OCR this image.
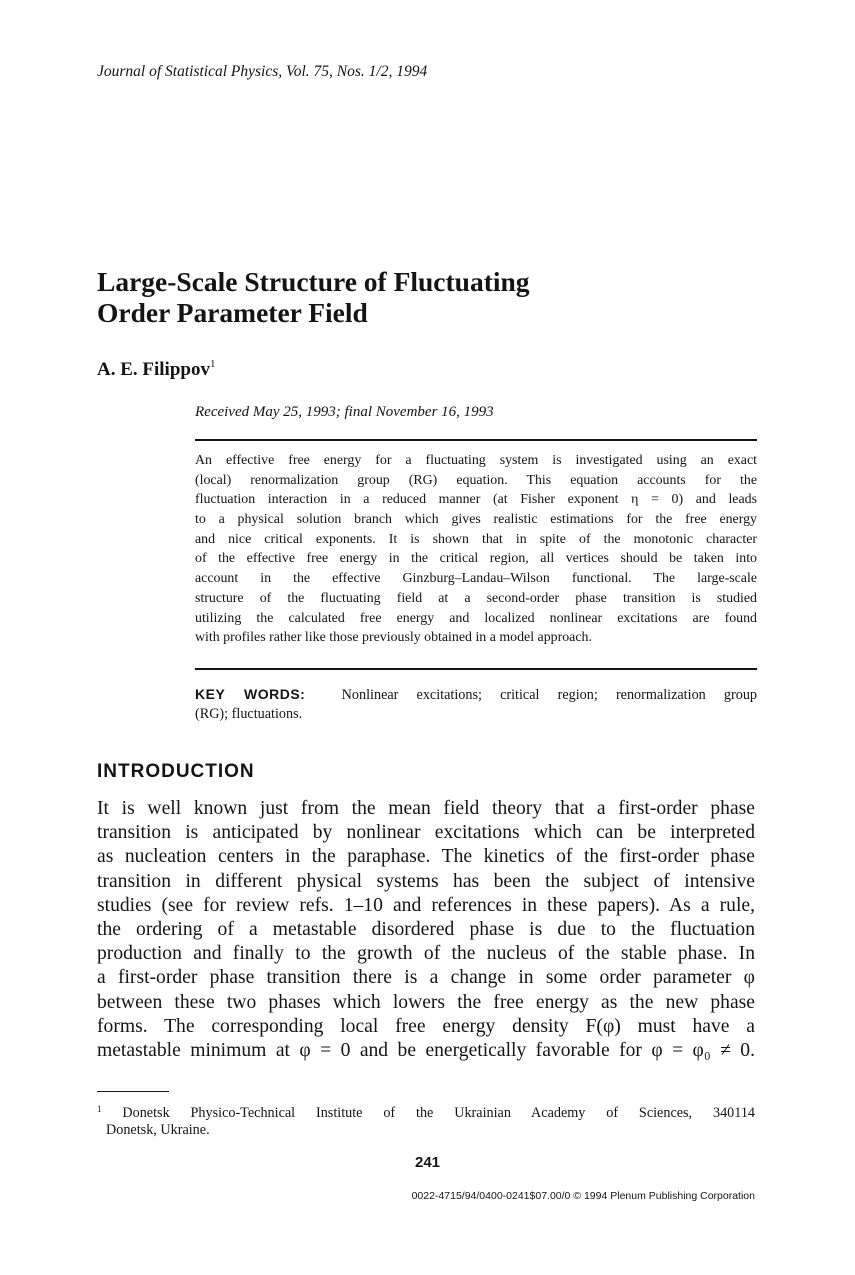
Journal of Statistical Physics, Vol. 75, Nos. 1/2, 1994
Large-Scale Structure of Fluctuating
Order Parameter Field
A. E. Filippov$^1$
Received May 25, 1993; final November 16, 1993
An effective free energy for a fluctuating system is investigated using an exact
(local) renormalization group (RG) equation. This equation accounts for the
fluctuation interaction in a reduced manner (at Fisher exponent η = 0) and leads
to a physical solution branch which gives realistic estimations for the free energy
and nice critical exponents. It is shown that in spite of the monotonic character
of the effective free energy in the critical region, all vertices should be taken into
account in the effective Ginzburg–Landau–Wilson functional. The large-scale
structure of the fluctuating field at a second-order phase transition is studied
utilizing the calculated free energy and localized nonlinear excitations are found
with profiles rather like those previously obtained in a model approach.
KEY WORDS:	Nonlinear excitations; critical region; renormalization group
(RG); fluctuations.
INTRODUCTION
It is well known just from the mean field theory that a first-order phase
transition is anticipated by nonlinear excitations which can be interpreted
as nucleation centers in the paraphase. The kinetics of the first-order phase
transition in different physical systems has been the subject of intensive
studies (see for review refs. 1–10 and references in these papers). As a rule,
the ordering of a metastable disordered phase is due to the fluctuation
production and finally to the growth of the nucleus of the stable phase. In
a first-order phase transition there is a change in some order parameter φ
between these two phases which lowers the free energy as the new phase
forms. The corresponding local free energy density F(φ) must have a
metastable minimum at φ = 0 and be energetically favorable for φ = φ₀ ≠ 0.
$^1$ Donetsk Physico-Technical Institute of the Ukrainian Academy of Sciences, 340114
Donetsk, Ukraine.
241
0022-4715/94/0400-0241$07.00/0 © 1994 Plenum Publishing Corporation
